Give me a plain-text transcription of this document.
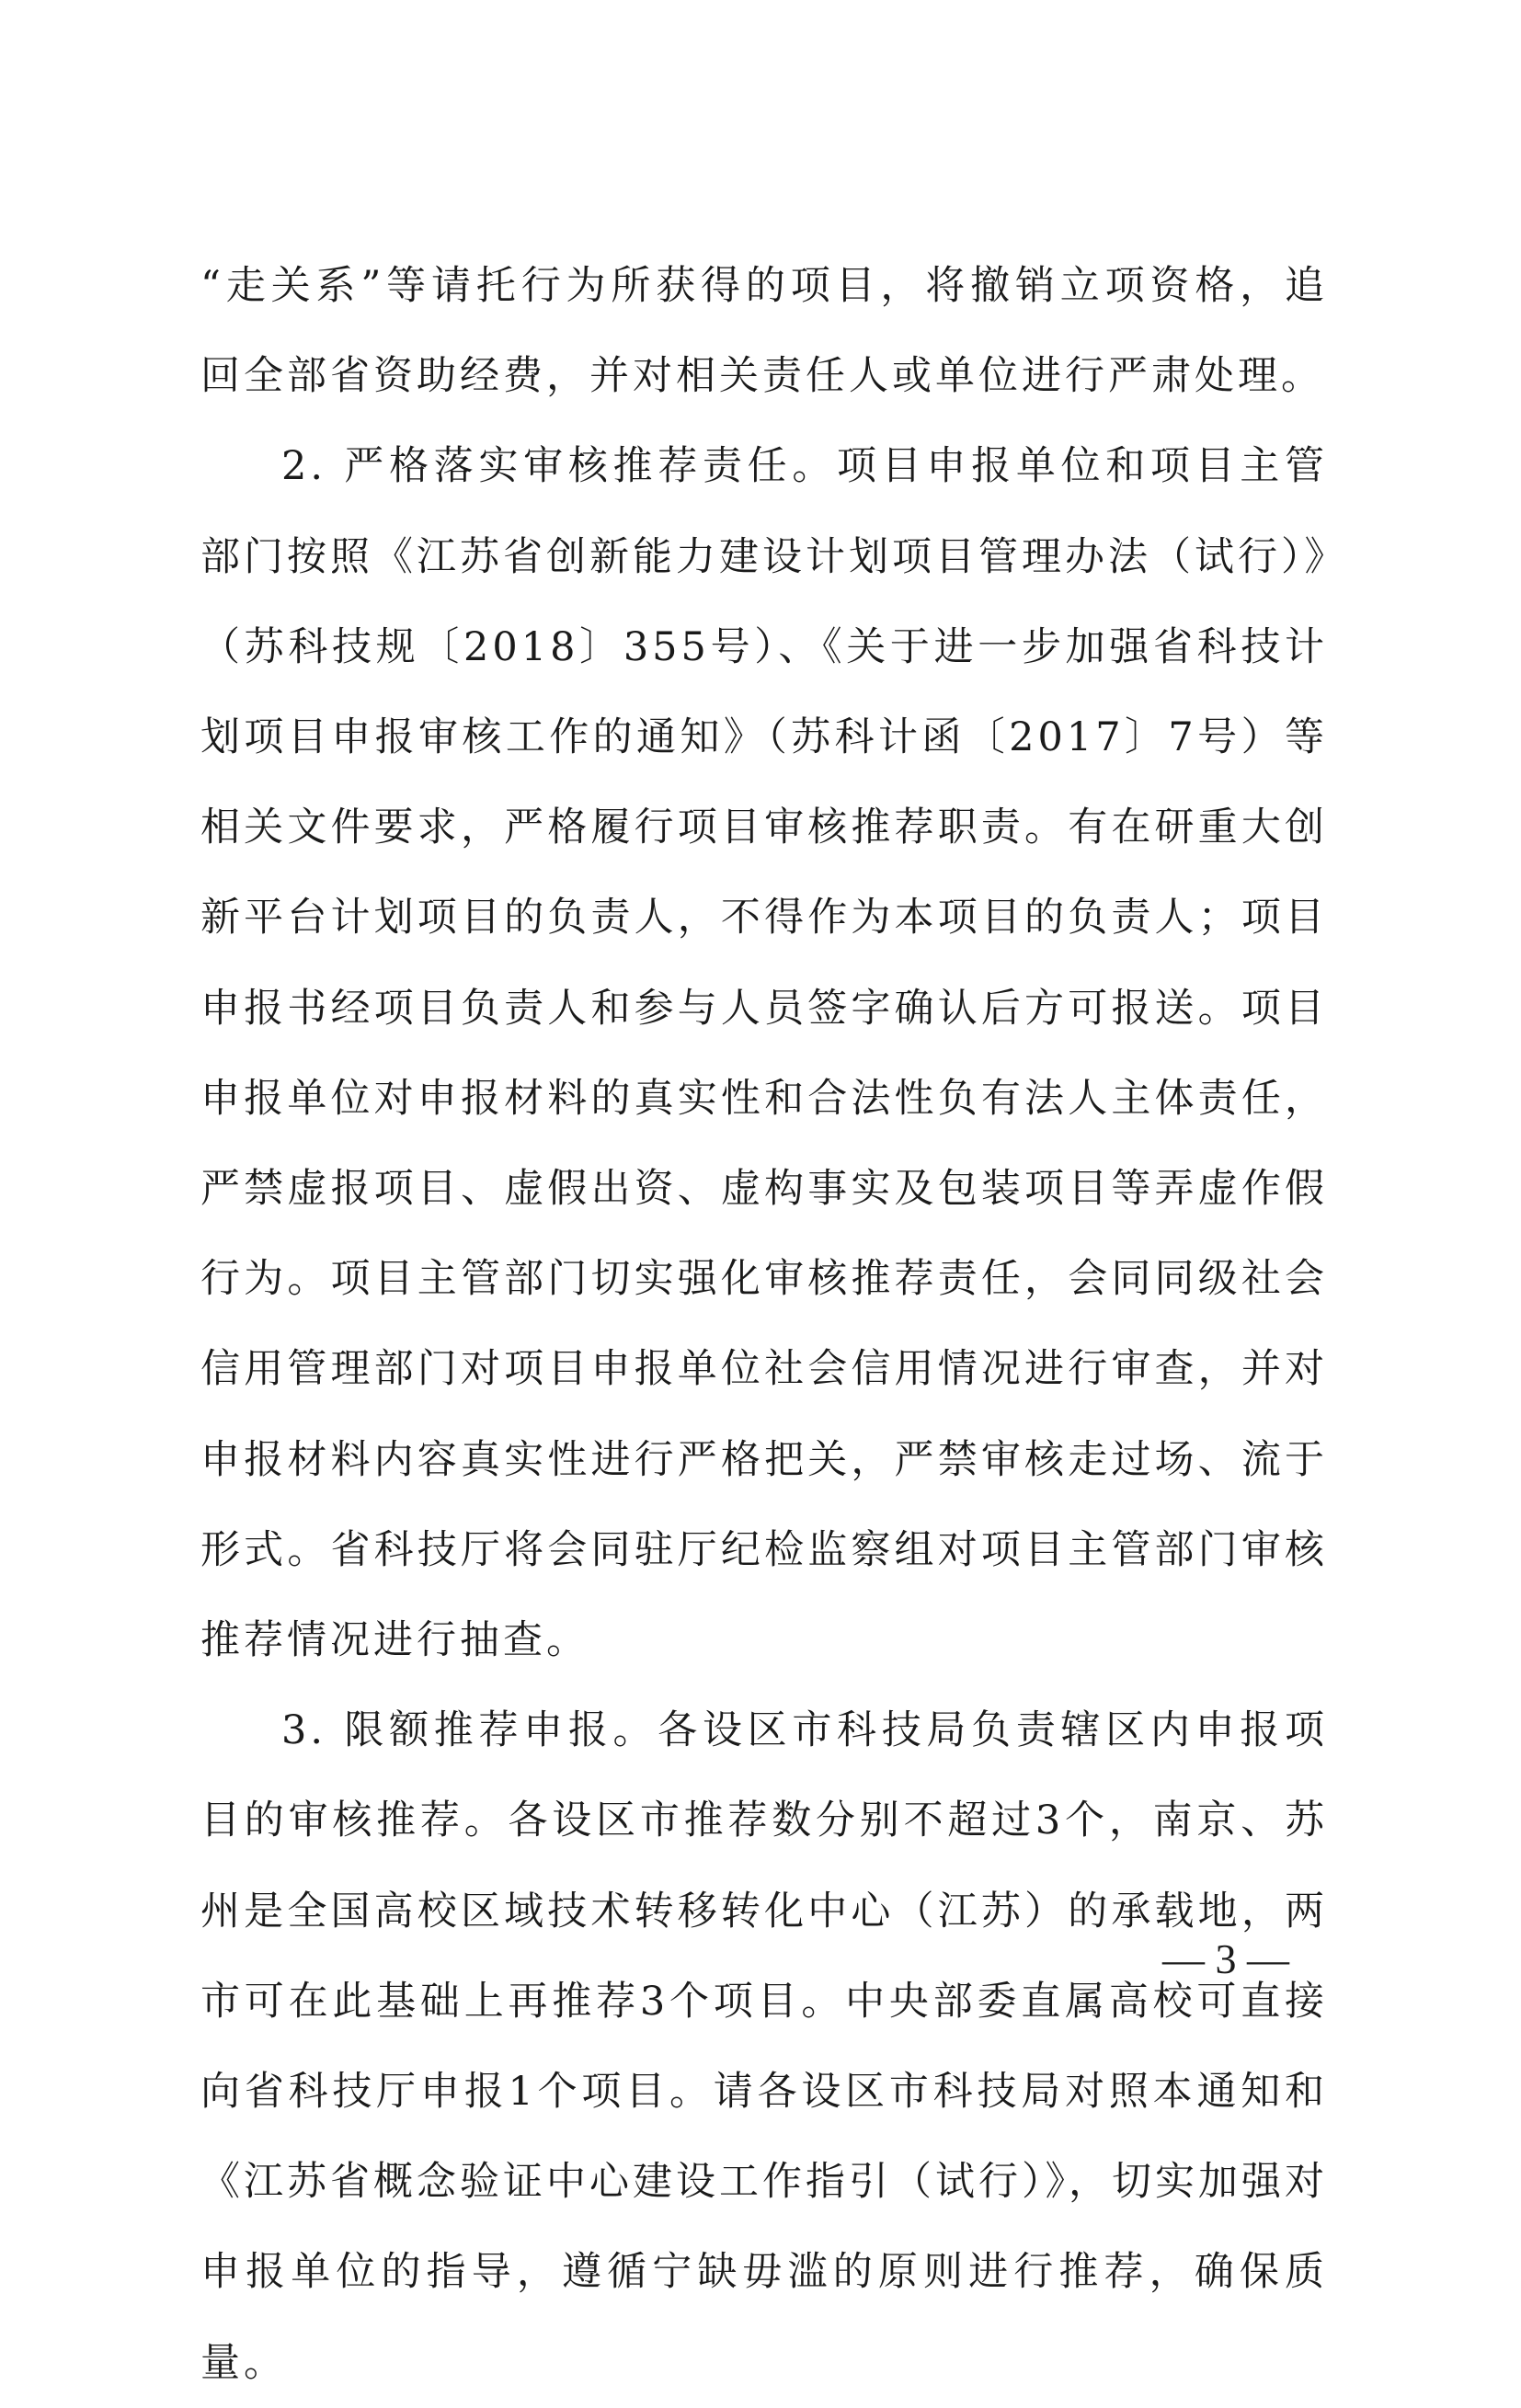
“走关系”等请托行为所获得的项目，将撤销立项资格，追回全部省资助经费，并对相关责任人或单位进行严肃处理。

2. 严格落实审核推荐责任。项目申报单位和项目主管部门按照《江苏省创新能力建设计划项目管理办法（试行）》（苏科技规〔2018〕355号）、《关于进一步加强省科技计划项目申报审核工作的通知》（苏科计函〔2017〕7号）等相关文件要求，严格履行项目审核推荐职责。有在研重大创新平台计划项目的负责人，不得作为本项目的负责人；项目申报书经项目负责人和参与人员签字确认后方可报送。项目申报单位对申报材料的真实性和合法性负有法人主体责任，严禁虚报项目、虚假出资、虚构事实及包装项目等弄虚作假行为。项目主管部门切实强化审核推荐责任，会同同级社会信用管理部门对项目申报单位社会信用情况进行审查，并对申报材料内容真实性进行严格把关，严禁审核走过场、流于形式。省科技厅将会同驻厅纪检监察组对项目主管部门审核推荐情况进行抽查。

3. 限额推荐申报。各设区市科技局负责辖区内申报项目的审核推荐。各设区市推荐数分别不超过3个，南京、苏州是全国高校区域技术转移转化中心（江苏）的承载地，两市可在此基础上再推荐3个项目。中央部委直属高校可直接向省科技厅申报1个项目。请各设区市科技局对照本通知和《江苏省概念验证中心建设工作指引（试行）》，切实加强对申报单位的指导，遵循宁缺毋滥的原则进行推荐，确保质量。

— 3 —
